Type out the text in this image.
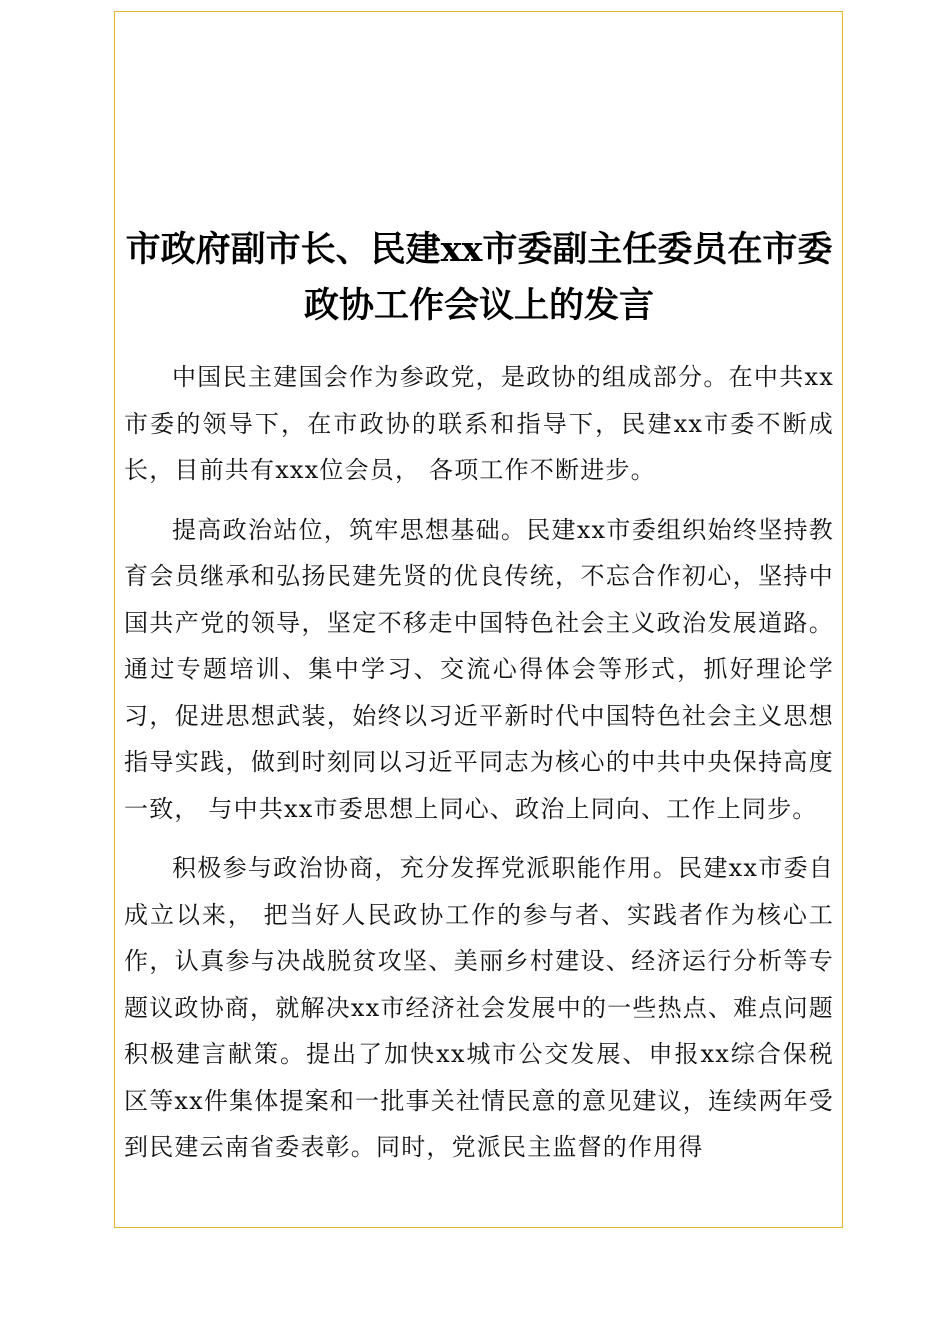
市政府副市长、民建xx市委副主任委员在市委政协工作会议上的发言

中国民主建国会作为参政党，是政协的组成部分。在中共xx市委的领导下，在市政协的联系和指导下，民建xx市委不断成长，目前共有xxx位会员， 各项工作不断进步。

提高政治站位，筑牢思想基础。民建xx市委组织始终坚持教育会员继承和弘扬民建先贤的优良传统，不忘合作初心，坚持中国共产党的领导，坚定不移走中国特色社会主义政治发展道路。通过专题培训、集中学习、交流心得体会等形式，抓好理论学习，促进思想武装，始终以习近平新时代中国特色社会主义思想指导实践，做到时刻同以习近平同志为核心的中共中央保持高度一致， 与中共xx市委思想上同心、政治上同向、工作上同步。

积极参与政治协商，充分发挥党派职能作用。民建xx市委自成立以来， 把当好人民政协工作的参与者、实践者作为核心工作，认真参与决战脱贫攻坚、美丽乡村建设、经济运行分析等专题议政协商，就解决xx市经济社会发展中的一些热点、难点问题积极建言献策。提出了加快xx城市公交发展、申报xx综合保税区等xx件集体提案和一批事关社情民意的意见建议，连续两年受到民建云南省委表彰。同时，党派民主监督的作用得
